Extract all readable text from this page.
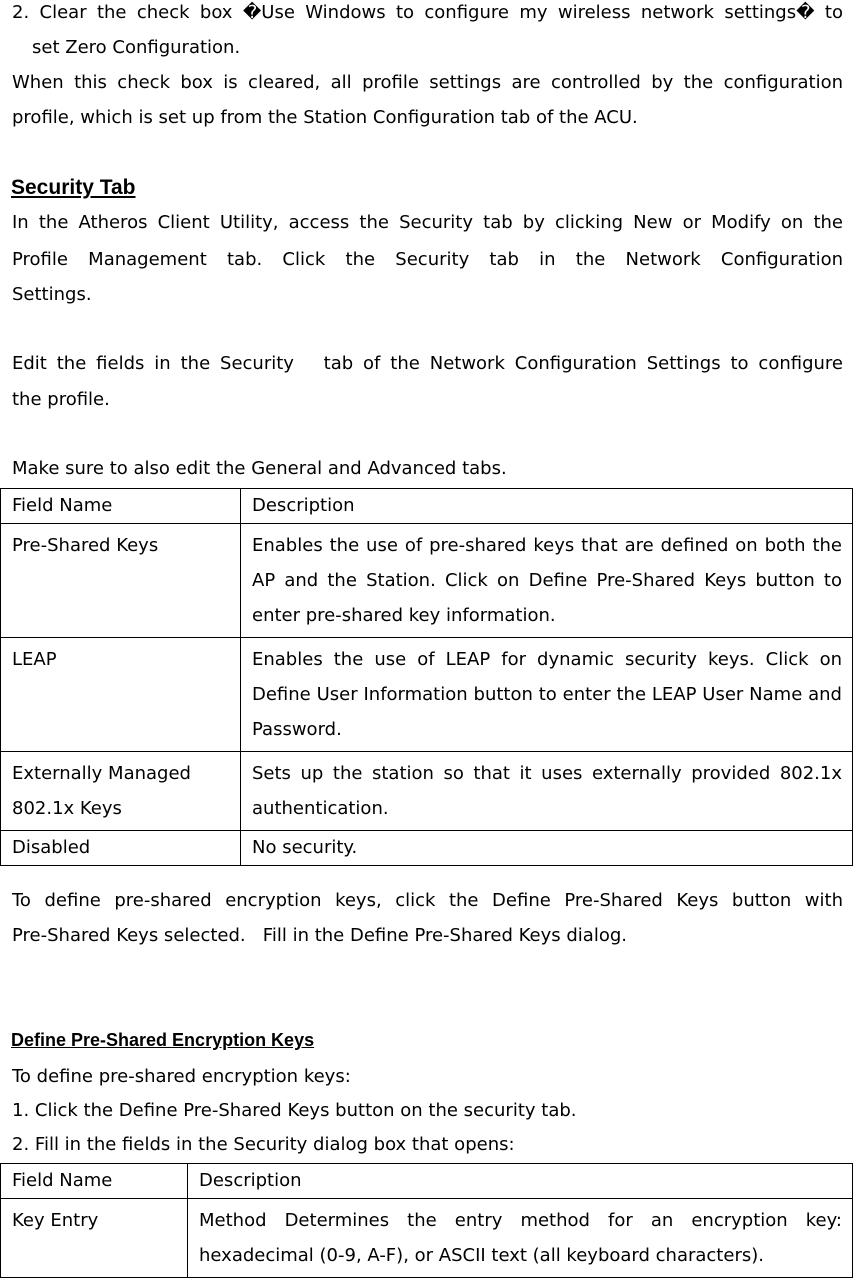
2. Clear the check box �Use Windows to configure my wireless network settings� to
set Zero Configuration.
When this check box is cleared, all profile settings are controlled by the configuration
profile, which is set up from the Station Configuration tab of the ACU.
Security Tab
In the Atheros Client Utility, access the Security tab by clicking New or Modify on the
Profile Management tab. Click the Security tab in the Network Configuration
Settings.
Edit the fields in the Security   tab of the Network Configuration Settings to configure
the profile.
Make sure to also edit the General and Advanced tabs.
Field Name	Description
Pre-Shared Keys	Enables the use of pre-shared keys that are defined on both the AP and the Station. Click on Define Pre-Shared Keys button to enter pre-shared key information.
LEAP	Enables the use of LEAP for dynamic security keys. Click on Define User Information button to enter the LEAP User Name and Password.
Externally Managed 802.1x Keys	Sets up the station so that it uses externally provided 802.1x authentication.
Disabled	No security.
To define pre-shared encryption keys, click the Define Pre-Shared Keys button with
Pre-Shared Keys selected.   Fill in the Define Pre-Shared Keys dialog.
Define Pre-Shared Encryption Keys
To define pre-shared encryption keys:
1. Click the Define Pre-Shared Keys button on the security tab.
2. Fill in the fields in the Security dialog box that opens:
Field Name	Description
Key Entry	Method Determines the entry method for an encryption key: hexadecimal (0-9, A-F), or ASCII text (all keyboard characters).
